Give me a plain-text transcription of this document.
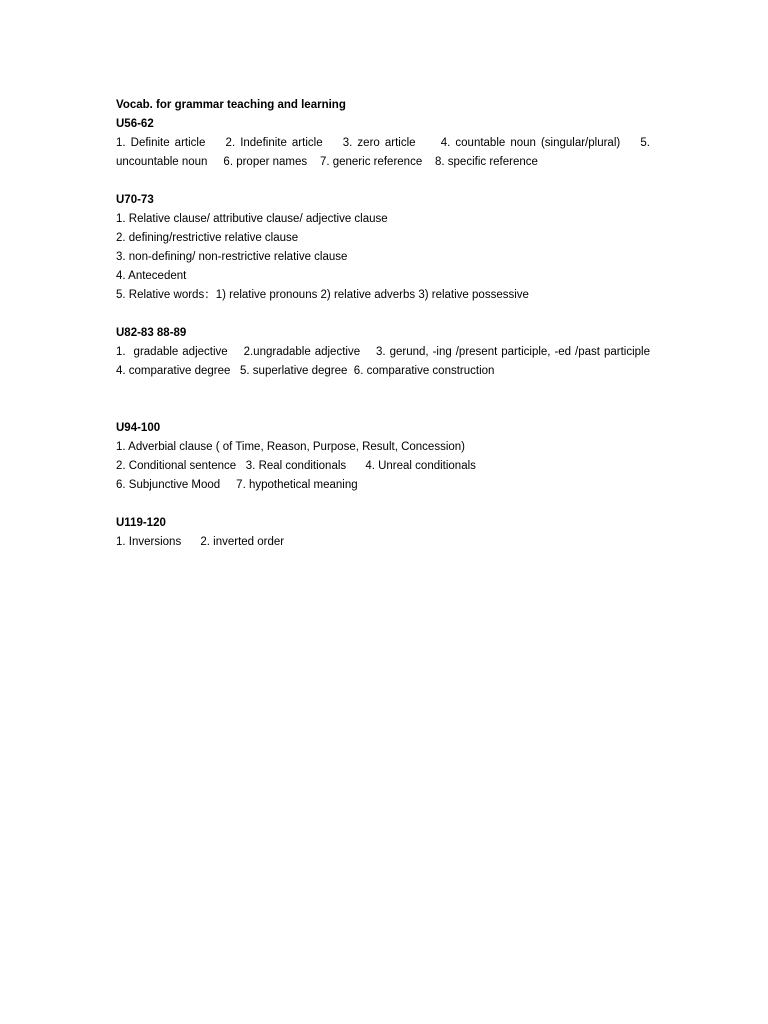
Vocab. for grammar teaching and learning

U56-62

1. Definite article    2. Indefinite article    3. zero article     4. countable noun (singular/plural)    5. uncountable noun     6. proper names    7. generic reference    8. specific reference

U70-73

1. Relative clause/ attributive clause/ adjective clause

2. defining/restrictive relative clause

3. non-defining/ non-restrictive relative clause

4. Antecedent

5. Relative words：1) relative pronouns 2) relative adverbs 3) relative possessive

U82-83 88-89

1.  gradable adjective    2.ungradable adjective    3. gerund, -ing /present participle, -ed /past participle   4. comparative degree   5. superlative degree  6. comparative construction

U94-100

1. Adverbial clause ( of Time, Reason, Purpose, Result, Concession)

2. Conditional sentence   3. Real conditionals      4. Unreal conditionals

6. Subjunctive Mood     7. hypothetical meaning

U119-120

1. Inversions      2. inverted order
